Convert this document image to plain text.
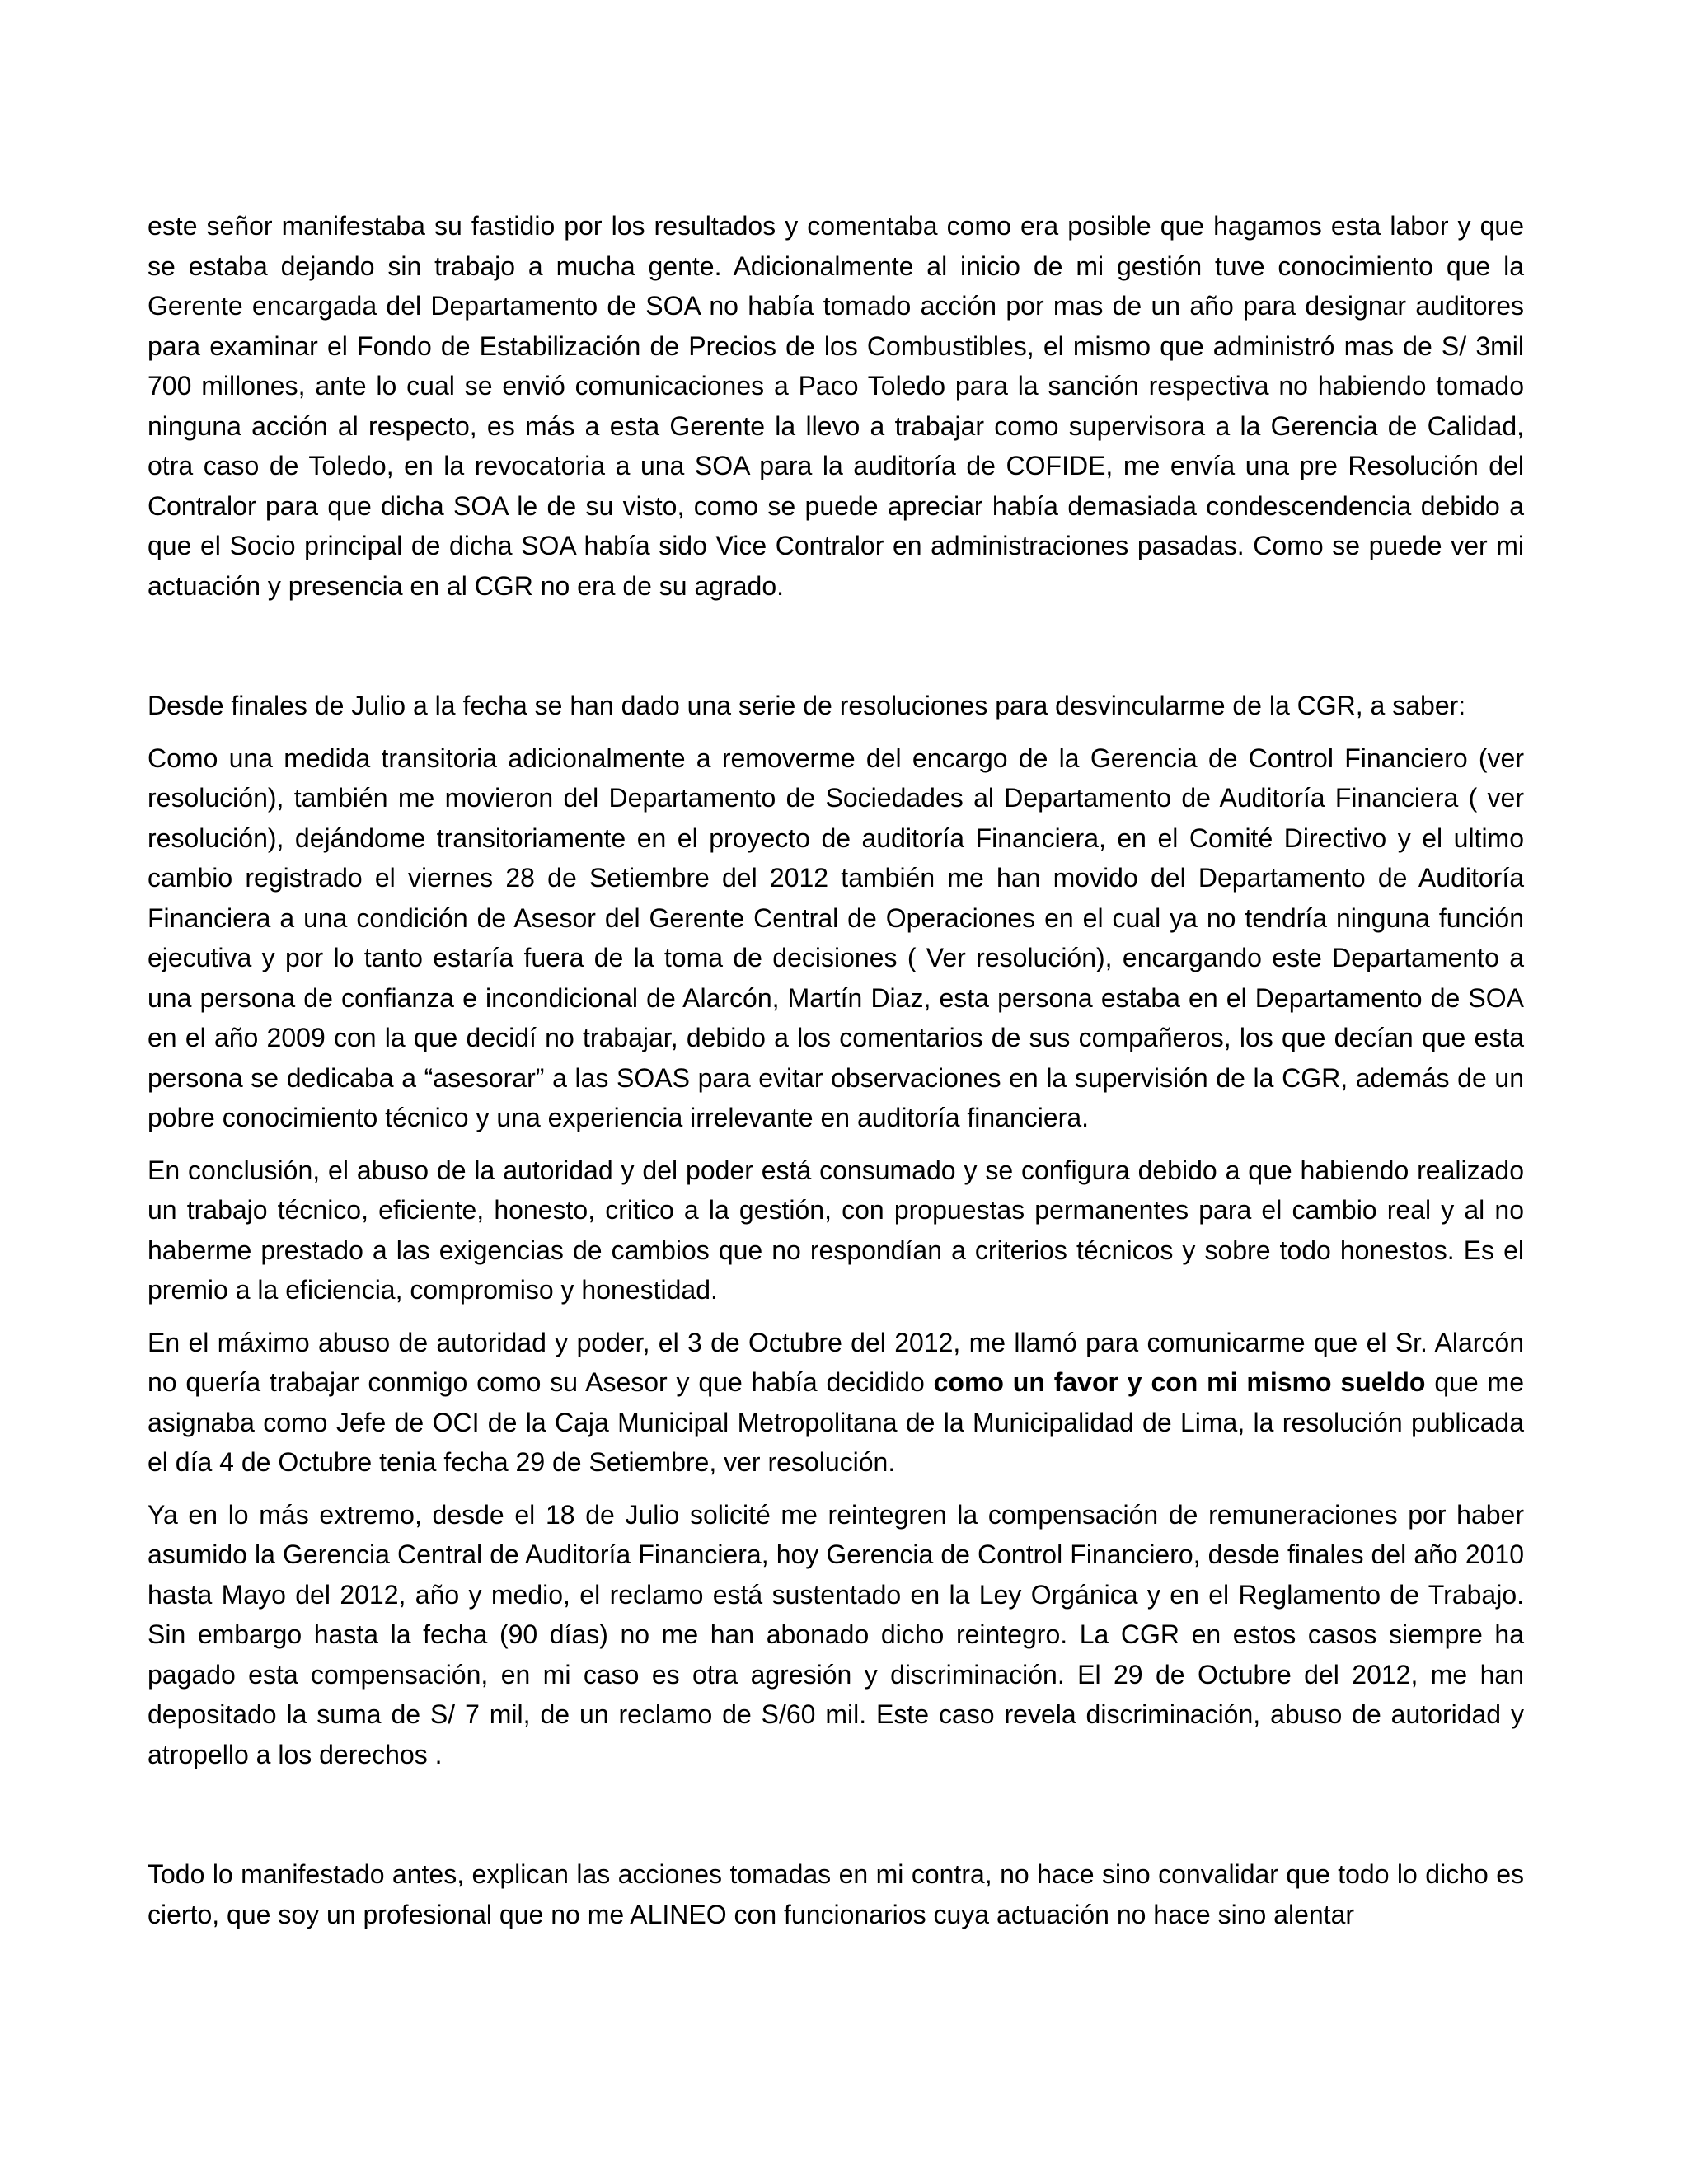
este señor manifestaba su fastidio por los resultados y comentaba como era posible que hagamos esta labor y que se estaba dejando sin trabajo a mucha gente. Adicionalmente al inicio de mi gestión tuve conocimiento que la Gerente encargada del Departamento de SOA no había tomado acción por mas de un año para designar auditores para examinar el Fondo de Estabilización de Precios de los Combustibles, el mismo que administró mas de S/ 3mil 700 millones, ante lo cual se envió comunicaciones a Paco Toledo para la sanción respectiva no habiendo tomado ninguna acción al respecto, es más a esta Gerente la llevo a trabajar como supervisora a la Gerencia de Calidad, otra caso de Toledo, en la revocatoria a una SOA para la auditoría de COFIDE, me envía una pre Resolución del Contralor para que dicha SOA le de su visto, como se puede apreciar había demasiada condescendencia debido a que el Socio principal de dicha SOA había sido Vice Contralor en administraciones pasadas. Como se puede ver mi actuación y presencia en al CGR no era de su agrado.

Desde finales de Julio a la fecha se han dado una serie de resoluciones para desvincularme de la CGR, a saber:

Como una medida transitoria adicionalmente a removerme del encargo de la Gerencia de Control Financiero (ver resolución), también me movieron del Departamento de Sociedades al Departamento de Auditoría Financiera ( ver resolución), dejándome transitoriamente en el proyecto de auditoría Financiera, en el Comité Directivo y el ultimo cambio registrado el viernes 28 de Setiembre del 2012 también me han movido del Departamento de Auditoría Financiera a una condición de Asesor del Gerente Central de Operaciones en el cual ya no tendría ninguna función ejecutiva y por lo tanto estaría fuera de la toma de decisiones ( Ver resolución), encargando este Departamento a una persona de confianza e incondicional de Alarcón, Martín Diaz, esta persona estaba en el Departamento de SOA en el año 2009 con la que decidí no trabajar, debido a los comentarios de sus compañeros, los que decían que esta persona se dedicaba a “asesorar” a las SOAS para evitar observaciones en la supervisión de la CGR, además de un pobre conocimiento técnico y una experiencia irrelevante en auditoría financiera.

En conclusión, el abuso de la autoridad y del poder está consumado y se configura debido a que habiendo realizado un trabajo técnico, eficiente, honesto, critico a la gestión, con propuestas permanentes para el cambio real y al no haberme prestado a las exigencias de cambios que no respondían a criterios técnicos y sobre todo honestos. Es el premio a la eficiencia, compromiso y honestidad.

En el máximo abuso de autoridad y poder, el 3 de Octubre del 2012, me llamó para comunicarme que el Sr. Alarcón no quería trabajar conmigo como su Asesor y que había decidido como un favor y con mi mismo sueldo que me asignaba como Jefe de OCI de la Caja Municipal Metropolitana de la Municipalidad de Lima, la resolución publicada el día 4 de Octubre tenia fecha 29 de Setiembre, ver resolución.

Ya en lo más extremo, desde el 18 de Julio solicité me reintegren la compensación de remuneraciones por haber asumido la Gerencia Central de Auditoría Financiera, hoy Gerencia de Control Financiero, desde finales del año 2010 hasta Mayo del 2012, año y medio, el reclamo está sustentado en la Ley Orgánica y en el Reglamento de Trabajo. Sin embargo hasta la fecha (90 días) no me han abonado dicho reintegro. La CGR en estos casos siempre ha pagado esta compensación, en mi caso es otra agresión y discriminación. El 29 de Octubre del 2012, me han depositado la suma de S/ 7 mil, de un reclamo de S/60 mil. Este caso revela discriminación, abuso de autoridad y atropello a los derechos .

Todo lo manifestado antes, explican las acciones tomadas en mi contra, no hace sino convalidar que todo lo dicho es cierto, que soy un profesional que no me ALINEO con funcionarios cuya actuación no hace sino alentar
